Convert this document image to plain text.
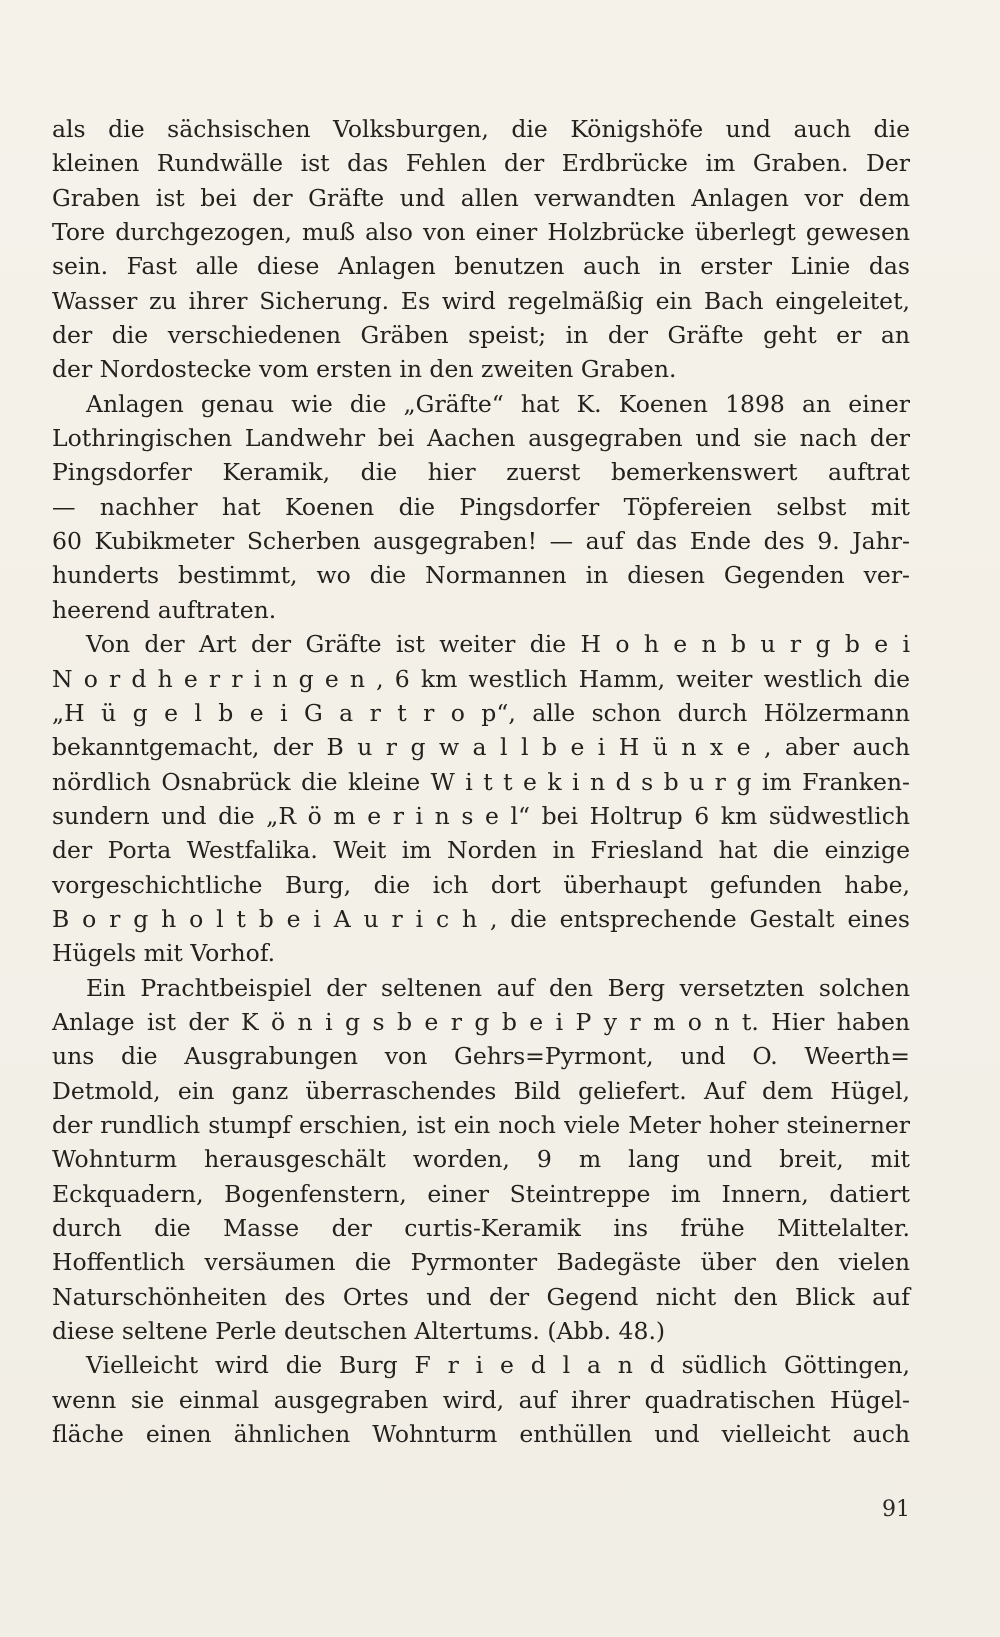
als die sächsischen Volksburgen, die Königshöfe und auch die
kleinen Rundwälle ist das Fehlen der Erdbrücke im Graben. Der
Graben ist bei der Gräfte und allen verwandten Anlagen vor dem
Tore durchgezogen, muß also von einer Holzbrücke überlegt gewesen
sein. Fast alle diese Anlagen benutzen auch in erster Linie das
Wasser zu ihrer Sicherung. Es wird regelmäßig ein Bach eingeleitet,
der die verschiedenen Gräben speist; in der Gräfte geht er an
der Nordostecke vom ersten in den zweiten Graben.
Anlagen genau wie die „Gräfte“ hat K. Koenen 1898 an einer
Lothringischen Landwehr bei Aachen ausgegraben und sie nach der
Pingsdorfer Keramik, die hier zuerst bemerkenswert auftrat
— nachher hat Koenen die Pingsdorfer Töpfereien selbst mit
60 Kubikmeter Scherben ausgegraben! — auf das Ende des 9. Jahr-
hunderts bestimmt, wo die Normannen in diesen Gegenden ver-
heerend auftraten.
Von der Art der Gräfte ist weiter die H o h e n b u r g b e i
N o r d h e r r i n g e n , 6 km westlich Hamm, weiter westlich die
„H ü g e l b e i G a r t r o p“, alle schon durch Hölzermann
bekanntgemacht, der B u r g w a l l b e i H ü n x e , aber auch
nördlich Osnabrück die kleine W i t t e k i n d s b u r g im Franken-
sundern und die „R ö m e r i n s e l“ bei Holtrup 6 km südwestlich
der Porta Westfalika. Weit im Norden in Friesland hat die einzige
vorgeschichtliche Burg, die ich dort überhaupt gefunden habe,
B o r g h o l t b e i A u r i c h , die entsprechende Gestalt eines
Hügels mit Vorhof.
Ein Prachtbeispiel der seltenen auf den Berg versetzten solchen
Anlage ist der K ö n i g s b e r g b e i P y r m o n t. Hier haben
uns die Ausgrabungen von Gehrs=Pyrmont, und O. Weerth=
Detmold, ein ganz überraschendes Bild geliefert. Auf dem Hügel,
der rundlich stumpf erschien, ist ein noch viele Meter hoher steinerner
Wohnturm herausgeschält worden, 9 m lang und breit, mit
Eckquadern, Bogenfenstern, einer Steintreppe im Innern, datiert
durch die Masse der curtis-Keramik ins frühe Mittelalter.
Hoffentlich versäumen die Pyrmonter Badegäste über den vielen
Naturschönheiten des Ortes und der Gegend nicht den Blick auf
diese seltene Perle deutschen Altertums. (Abb. 48.)
Vielleicht wird die Burg F r i e d l a n d südlich Göttingen,
wenn sie einmal ausgegraben wird, auf ihrer quadratischen Hügel-
fläche einen ähnlichen Wohnturm enthüllen und vielleicht auch
91
